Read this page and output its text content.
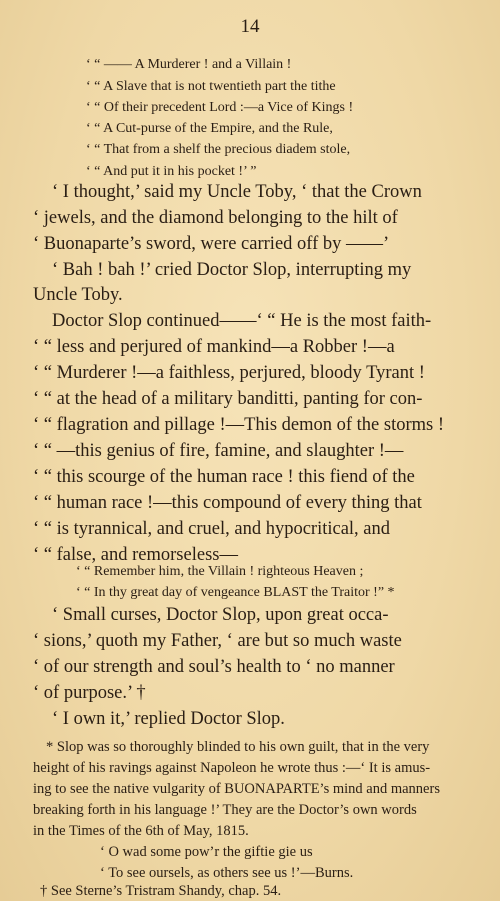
14
‘ “ —— A Murderer ! and a Villain !
‘ “ A Slave that is not twentieth part the tithe
‘ “ Of their precedent Lord :—a Vice of Kings !
‘ “ A Cut-purse of the Empire, and the Rule,
‘ “ That from a shelf the precious diadem stole,
‘ “ And put it in his pocket !’ ”
‘ I thought,’ said my Uncle Toby, ‘ that the Crown
‘ jewels, and the diamond belonging to the hilt of
‘ Buonaparte’s sword, were carried off by ——’
‘ Bah ! bah !’ cried Doctor Slop, interrupting my
Uncle Toby.
Doctor Slop continued——‘ “ He is the most faith-
‘ “ less and perjured of mankind—a Robber !—a
‘ “ Murderer !—a faithless, perjured, bloody Tyrant !
‘ “ at the head of a military banditti, panting for con-
‘ “ flagration and pillage !—This demon of the storms !
‘ “ —this genius of fire, famine, and slaughter !—
‘ “ this scourge of the human race ! this fiend of the
‘ “ human race !—this compound of every thing that
‘ “ is tyrannical, and cruel, and hypocritical, and
‘ “ false, and remorseless—
‘ “ Remember him, the Villain ! righteous Heaven ;
‘ “ In thy great day of vengeance BLAST the Traitor !” *
‘ Small curses, Doctor Slop, upon great occa-
‘ sions,’ quoth my Father, ‘ are but so much waste
‘ of our strength and soul’s health to ‘ no manner
‘ of purpose.’ †
‘ I own it,’ replied Doctor Slop.
* Slop was so thoroughly blinded to his own guilt, that in the very
height of his ravings against Napoleon he wrote thus :—‘ It is amus-
ing to see the native vulgarity of BUONAPARTE’s mind and manners
breaking forth in his language !’ They are the Doctor’s own words
in the Times of the 6th of May, 1815.
‘ O wad some pow’r the giftie gie us
‘ To see oursels, as others see us !’—Burns.
† See Sterne’s Tristram Shandy, chap. 54.
